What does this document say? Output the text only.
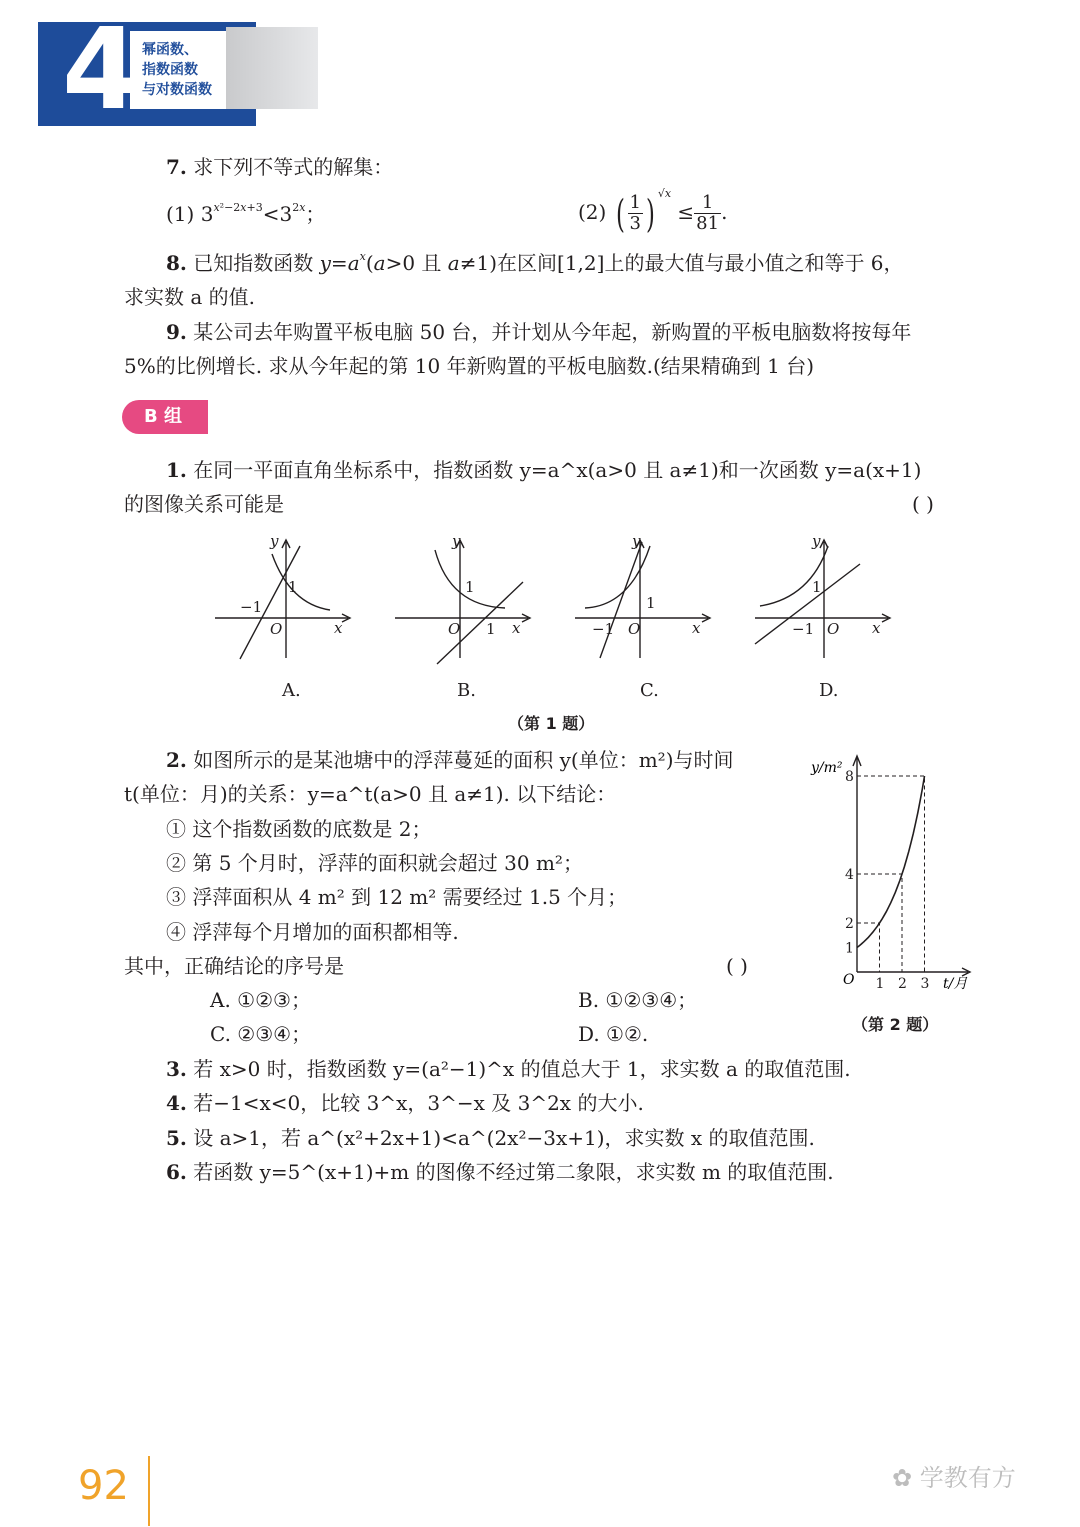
4 幂函数、
指数函数
与对数函数
7. 求下列不等式的解集：
(1) $3^{x^2-2x+3}<3^{2x}$；	(2) ( $\frac{1}{3}$ ) $^{√x} \le \frac{1}{81}$ .
8. 已知指数函数 $y=a^x(a>0$ 且 a≠1)在区间[1,2]上的最大值与最小值之和等于 6，
求实数 a 的值.
9. 某公司去年购置平板电脑 50 台，并计划从今年起，新购置的平板电脑数将按每年
5%的比例增长. 求从今年起的第 10 年新购置的平板电脑数.(结果精确到 1 台)
B 组
1. 在同一平面直角坐标系中，指数函数 y=a^x(a>0 且 a≠1)和一次函数 y=a(x+1)
的图像关系可能是	( )
y
x
O
1
−1
y
x
O
1
1
y
x
O
1
−1
y
x
O
1
−1
A.	B.	C.	D.
（第 1 题）
2. 如图所示的是某池塘中的浮萍蔓延的面积 y(单位：m²)与时间
t(单位：月)的关系：y=a^t(a>0 且 a≠1). 以下结论：
① 这个指数函数的底数是 2；
② 第 5 个月时，浮萍的面积就会超过 30 m²；
③ 浮萍面积从 4 m² 到 12 m² 需要经过 1.5 个月；
④ 浮萍每个月增加的面积都相等.
其中，正确结论的序号是	( )
A. ①②③；	B. ①②③④；
C. ②③④；	D. ①②.
1 2 3
1
2
4
8
y/m²
t/月
O
（第 2 题）
3. 若 x>0 时，指数函数 y=(a²−1)^x 的值总大于 1，求实数 a 的取值范围.
4. 若−1<x<0，比较 3^x，3^−x 及 3^2x 的大小.
5. 设 a>1，若 a^(x²+2x+1)<a^(2x²−3x+1)，求实数 x 的取值范围.
6. 若函数 y=5^(x+1)+m 的图像不经过第二象限，求实数 m 的取值范围.
92	✿ 学教有方
